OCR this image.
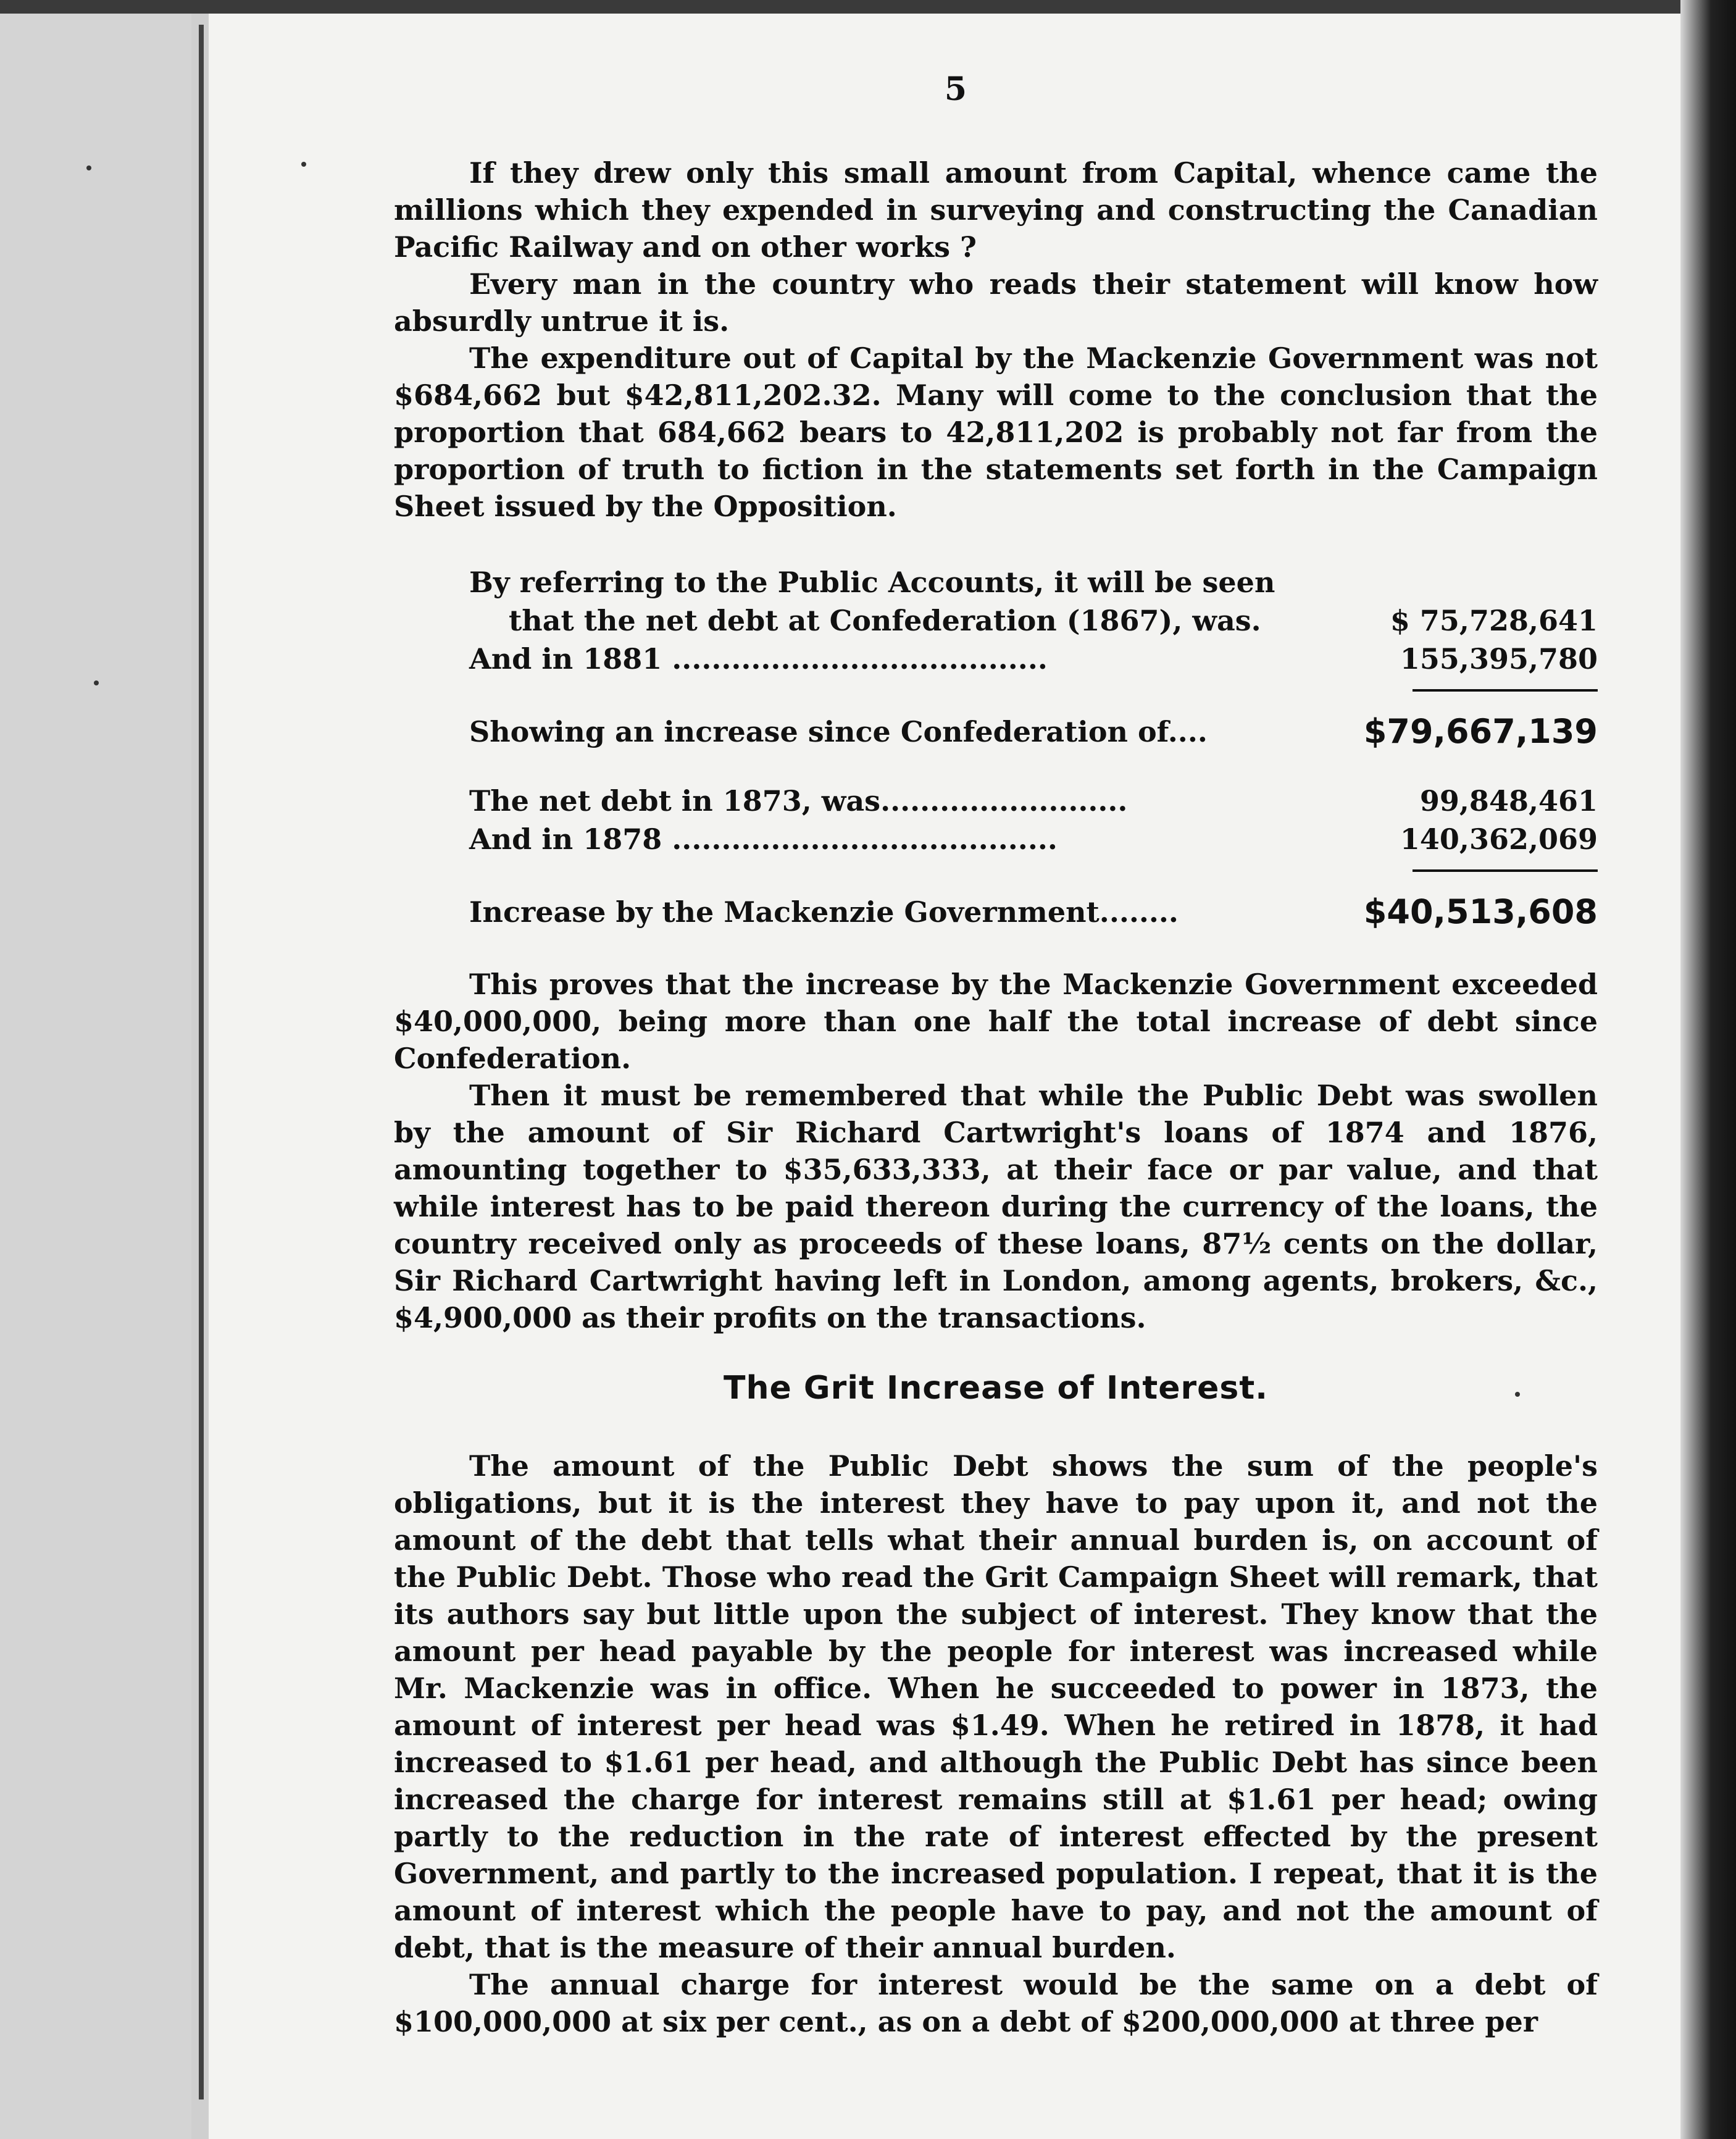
5

If they drew only this small amount from Capital, whence came the millions which they expended in surveying and constructing the Canadian Pacific Railway and on other works ?

Every man in the country who reads their statement will know how absurdly untrue it is.

The expenditure out of Capital by the Mackenzie Government was not $684,662 but $42,811,202.32. Many will come to the conclusion that the proportion that 684,662 bears to 42,811,202 is probably not far from the proportion of truth to fiction in the statements set forth in the Campaign Sheet issued by the Opposition.

By referring to the Public Accounts, it will be seen
that the net debt at Confederation (1867), was.	$ 75,728,641
And in 1881 ......................................	155,395,780
Showing an increase since Confederation of....	$79,667,139
The net debt in 1873, was.........................	99,848,461
And in 1878 .......................................	140,362,069
Increase by the Mackenzie Government........	$40,513,608

This proves that the increase by the Mackenzie Government exceeded $40,000,000, being more than one half the total increase of debt since Confederation.

Then it must be remembered that while the Public Debt was swollen by the amount of Sir Richard Cartwright's loans of 1874 and 1876, amounting together to $35,633,333, at their face or par value, and that while interest has to be paid thereon during the currency of the loans, the country received only as proceeds of these loans, 87½ cents on the dollar, Sir Richard Cartwright having left in London, among agents, brokers, &c., $4,900,000 as their profits on the transactions.

The Grit Increase of Interest.

The amount of the Public Debt shows the sum of the people's obligations, but it is the interest they have to pay upon it, and not the amount of the debt that tells what their annual burden is, on account of the Public Debt. Those who read the Grit Campaign Sheet will remark, that its authors say but little upon the subject of interest. They know that the amount per head payable by the people for interest was increased while Mr. Mackenzie was in office. When he succeeded to power in 1873, the amount of interest per head was $1.49. When he retired in 1878, it had increased to $1.61 per head, and although the Public Debt has since been increased the charge for interest remains still at $1.61 per head; owing partly to the reduction in the rate of interest effected by the present Government, and partly to the increased population. I repeat, that it is the amount of interest which the people have to pay, and not the amount of debt, that is the measure of their annual burden.

The annual charge for interest would be the same on a debt of $100,000,000 at six per cent., as on a debt of $200,000,000 at three per
